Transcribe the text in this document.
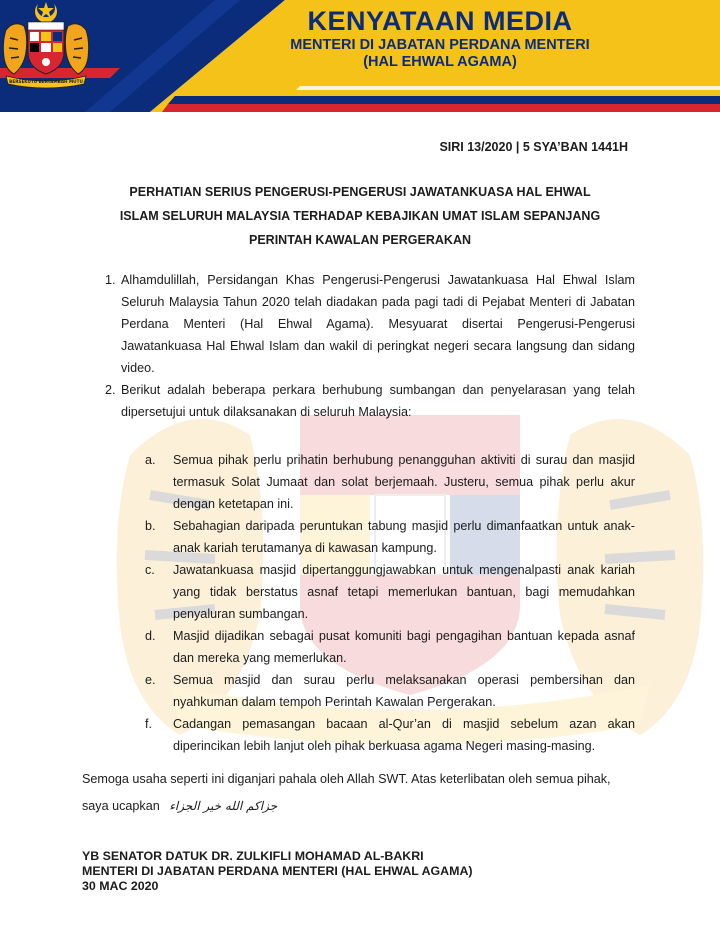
BERSEKUTU BERTAMBAH MUTU
KENYATAAN MEDIA
MENTERI DI JABATAN PERDANA MENTERI
(HAL EHWAL AGAMA)
SIRI 13/2020 | 5 SYA’BAN 1441H
PERHATIAN SERIUS PENGERUSI-PENGERUSI JAWATANKUASA HAL EHWAL
ISLAM SELURUH MALAYSIA TERHADAP KEBAJIKAN UMAT ISLAM SEPANJANG
PERINTAH KAWALAN PERGERAKAN
1. Alhamdulillah, Persidangan Khas Pengerusi-Pengerusi Jawatankuasa Hal Ehwal Islam Seluruh Malaysia Tahun 2020 telah diadakan pada pagi tadi di Pejabat Menteri di Jabatan Perdana Menteri (Hal Ehwal Agama). Mesyuarat disertai Pengerusi-Pengerusi Jawatankuasa Hal Ehwal Islam dan wakil di peringkat negeri secara langsung dan sidang video.
2. Berikut adalah beberapa perkara berhubung sumbangan dan penyelarasan yang telah dipersetujui untuk dilaksanakan di seluruh Malaysia:
a. Semua pihak perlu prihatin berhubung penangguhan aktiviti di surau dan masjid termasuk Solat Jumaat dan solat berjemaah. Justeru, semua pihak perlu akur dengan ketetapan ini.
b. Sebahagian daripada peruntukan tabung masjid perlu dimanfaatkan untuk anak-anak kariah terutamanya di kawasan kampung.
c. Jawatankuasa masjid dipertanggungjawabkan untuk mengenalpasti anak kariah yang tidak berstatus asnaf tetapi memerlukan bantuan, bagi memudahkan penyaluran sumbangan.
d. Masjid dijadikan sebagai pusat komuniti bagi pengagihan bantuan kepada asnaf dan mereka yang memerlukan.
e. Semua masjid dan surau perlu melaksanakan operasi pembersihan dan nyahkuman dalam tempoh Perintah Kawalan Pergerakan.
f. Cadangan pemasangan bacaan al-Qur’an di masjid sebelum azan akan diperincikan lebih lanjut oleh pihak berkuasa agama Negeri masing-masing.
Semoga usaha seperti ini diganjari pahala oleh Allah SWT. Atas keterlibatan oleh semua pihak,
saya ucapkan جزاكم الله خير الجزاء
YB SENATOR DATUK DR. ZULKIFLI MOHAMAD AL-BAKRI
MENTERI DI JABATAN PERDANA MENTERI (HAL EHWAL AGAMA)
30 MAC 2020
